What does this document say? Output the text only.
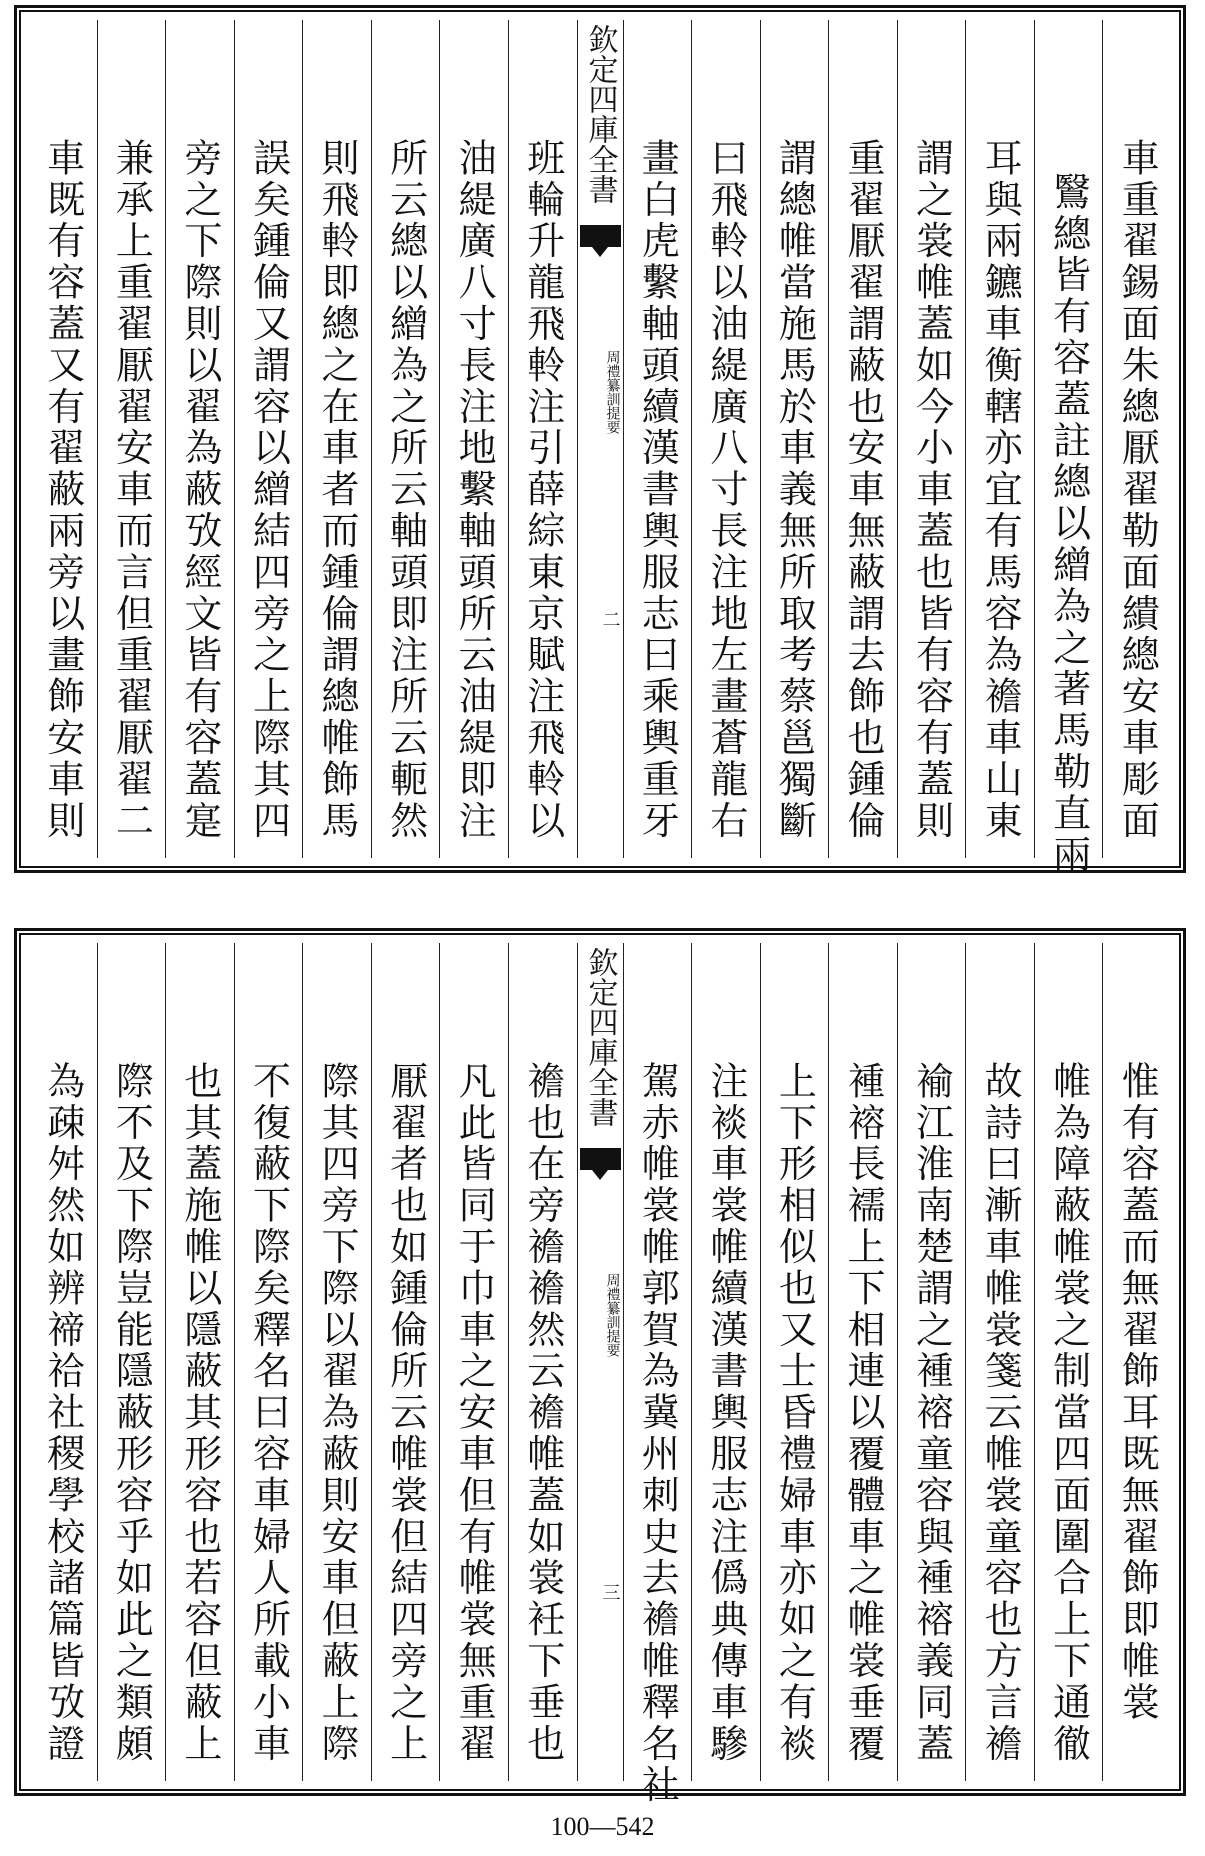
車重翟錫面朱總厭翟勒面繢總安車彫面
鷖總皆有容蓋註總以繒為之著馬勒直兩
耳與兩鑣車衡轄亦宜有馬容為襜車山東
謂之裳帷蓋如今小車蓋也皆有容有蓋則
重翟厭翟謂蔽也安車無蔽謂去飾也鍾倫
謂總帷當施馬於車義無所取考蔡邕獨斷
曰飛軨以油緹廣八寸長注地左畫蒼龍右
畫白虎繫軸頭續漢書輿服志曰乘輿重牙
欽定四庫全書
周禮纂訓提要
二
班輪升龍飛軨注引薛綜東京賦注飛軨以
油緹廣八寸長注地繫軸頭所云油緹即注
所云總以繒為之所云軸頭即注所云軛然
則飛軨即總之在車者而鍾倫謂總帷飾馬
誤矣鍾倫又謂容以繒結四旁之上際其四
旁之下際則以翟為蔽攷經文皆有容蓋寔
兼承上重翟厭翟安車而言但重翟厭翟二
車既有容蓋又有翟蔽兩旁以畫飾安車則
惟有容蓋而無翟飾耳既無翟飾即帷裳
帷為障蔽帷裳之制當四面圍合上下通徹
故詩曰漸車帷裳箋云帷裳童容也方言襜
褕江淮南楚謂之褈褣童容與褈褣義同蓋
褈褣長襦上下相連以覆體車之帷裳垂覆
上下形相似也又士昏禮婦車亦如之有裧
注裧車裳帷續漢書輿服志注僞典傳車驂
駕赤帷裳帷郭賀為冀州刺史去襜帷釋名社
欽定四庫全書
周禮纂訓提要
三
襜也在旁襜襜然云襜帷蓋如裳衽下垂也
凡此皆同于巾車之安車但有帷裳無重翟
厭翟者也如鍾倫所云帷裳但結四旁之上
際其四旁下際以翟為蔽則安車但蔽上際
不復蔽下際矣釋名曰容車婦人所載小車
也其蓋施帷以隱蔽其形容也若容但蔽上
際不及下際豈能隱蔽形容乎如此之類頗
為疎舛然如辨禘祫社稷學校諸篇皆攷證
100—542
